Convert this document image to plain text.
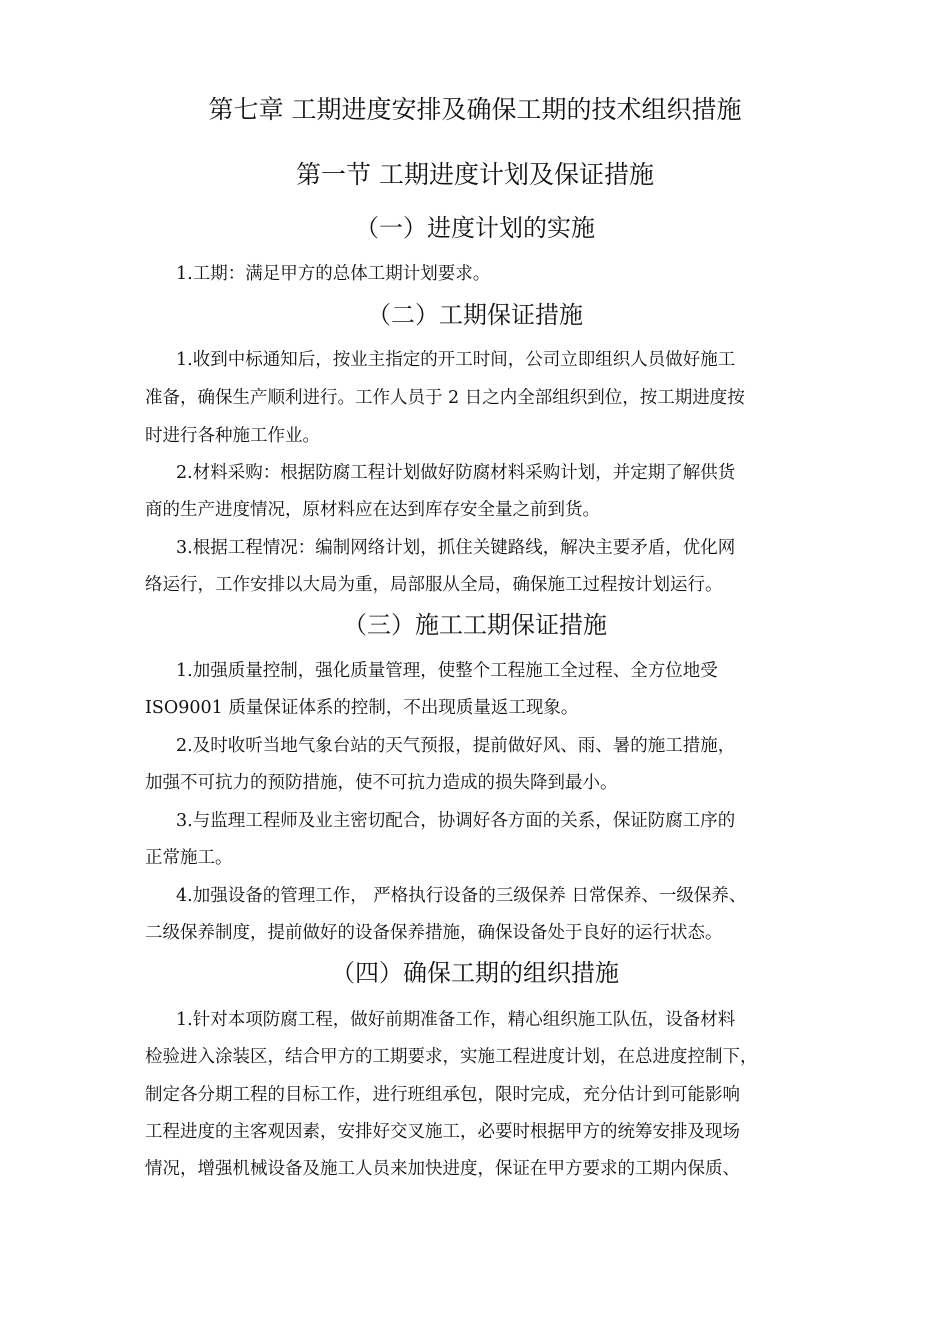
第七章 工期进度安排及确保工期的技术组织措施
第一节 工期进度计划及保证措施
（一）进度计划的实施
1.工期：满足甲方的总体工期计划要求。
（二）工期保证措施
1.收到中标通知后，按业主指定的开工时间，公司立即组织人员做好施工
准备，确保生产顺利进行。工作人员于 2 日之内全部组织到位，按工期进度按
时进行各种施工作业。
2.材料采购：根据防腐工程计划做好防腐材料采购计划，并定期了解供货
商的生产进度情况，原材料应在达到库存安全量之前到货。
3.根据工程情况：编制网络计划，抓住关键路线，解决主要矛盾，优化网
络运行，工作安排以大局为重，局部服从全局，确保施工过程按计划运行。
（三）施工工期保证措施
1.加强质量控制，强化质量管理，使整个工程施工全过程、全方位地受
ISO9001 质量保证体系的控制，不出现质量返工现象。
2.及时收听当地气象台站的天气预报，提前做好风、雨、暑的施工措施，
加强不可抗力的预防措施，使不可抗力造成的损失降到最小。
3.与监理工程师及业主密切配合，协调好各方面的关系，保证防腐工序的
正常施工。
4.加强设备的管理工作， 严格执行设备的三级保养 日常保养、一级保养、
二级保养制度，提前做好的设备保养措施，确保设备处于良好的运行状态。
（四）确保工期的组织措施
1.针对本项防腐工程，做好前期准备工作，精心组织施工队伍，设备材料
检验进入涂装区，结合甲方的工期要求，实施工程进度计划，在总进度控制下，
制定各分期工程的目标工作，进行班组承包，限时完成，充分估计到可能影响
工程进度的主客观因素，安排好交叉施工，必要时根据甲方的统筹安排及现场
情况，增强机械设备及施工人员来加快进度，保证在甲方要求的工期内保质、
